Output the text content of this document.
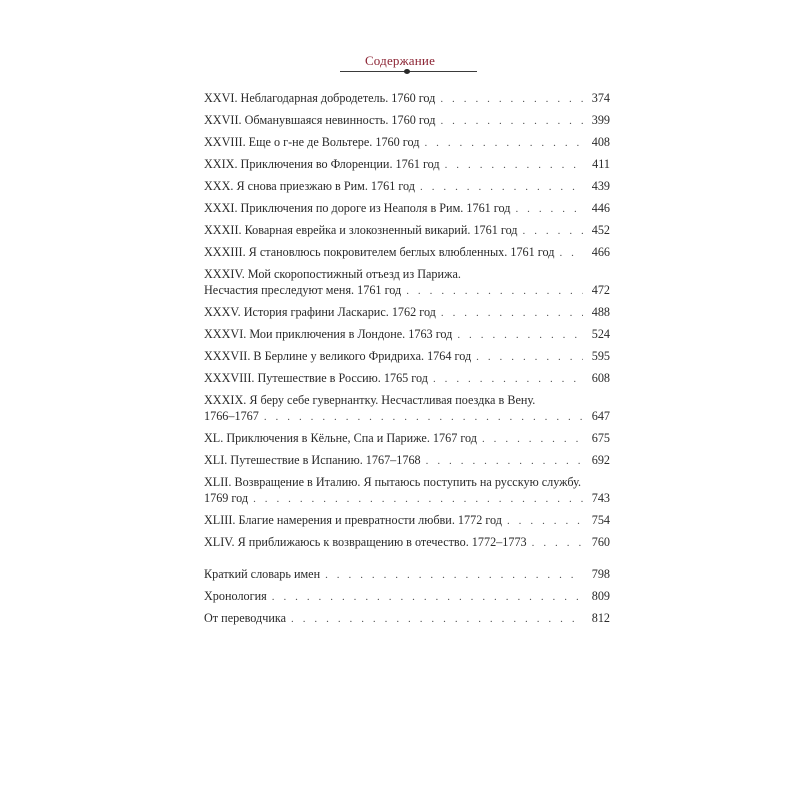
Содержание
XXVI. Неблагодарная добродетель. 1760 год . . .	374
XXVII. Обманувшаяся невинность. 1760 год . . .	399
XXVIII. Еще о г-не де Вольтере. 1760 год . . .	408
XXIX. Приключения во Флоренции. 1761 год . . .	411
XXX. Я снова приезжаю в Рим. 1761 год . . .	439
XXXI. Приключения по дороге из Неаполя в Рим. 1761 год . . .	446
XXXII. Коварная еврейка и злокозненный викарий. 1761 год . . .	452
XXXIII. Я становлюсь покровителем беглых влюбленных. 1761 год . . .	466
XXXIV. Мой скоропостижный отъезд из Парижа.
Несчастия преследуют меня. 1761 год . . .	472
XXXV. История графини Ласкарис. 1762 год . . .	488
XXXVI. Мои приключения в Лондоне. 1763 год . . .	524
XXXVII. В Берлине у великого Фридриха. 1764 год . . .	595
XXXVIII. Путешествие в Россию. 1765 год . . .	608
XXXIX. Я беру себе гувернантку. Несчастливая поездка в Вену.
1766–1767 . . .	647
XL. Приключения в Кёльне, Спа и Париже. 1767 год . . .	675
XLI. Путешествие в Испанию. 1767–1768 . . .	692
XLII. Возвращение в Италию. Я пытаюсь поступить на русскую службу.
1769 год . . .	743
XLIII. Благие намерения и превратности любви. 1772 год . . .	754
XLIV. Я приближаюсь к возвращению в отечество. 1772–1773 . . .	760
Краткий словарь имен . . .	798
Хронология . . .	809
От переводчика . . .	812
